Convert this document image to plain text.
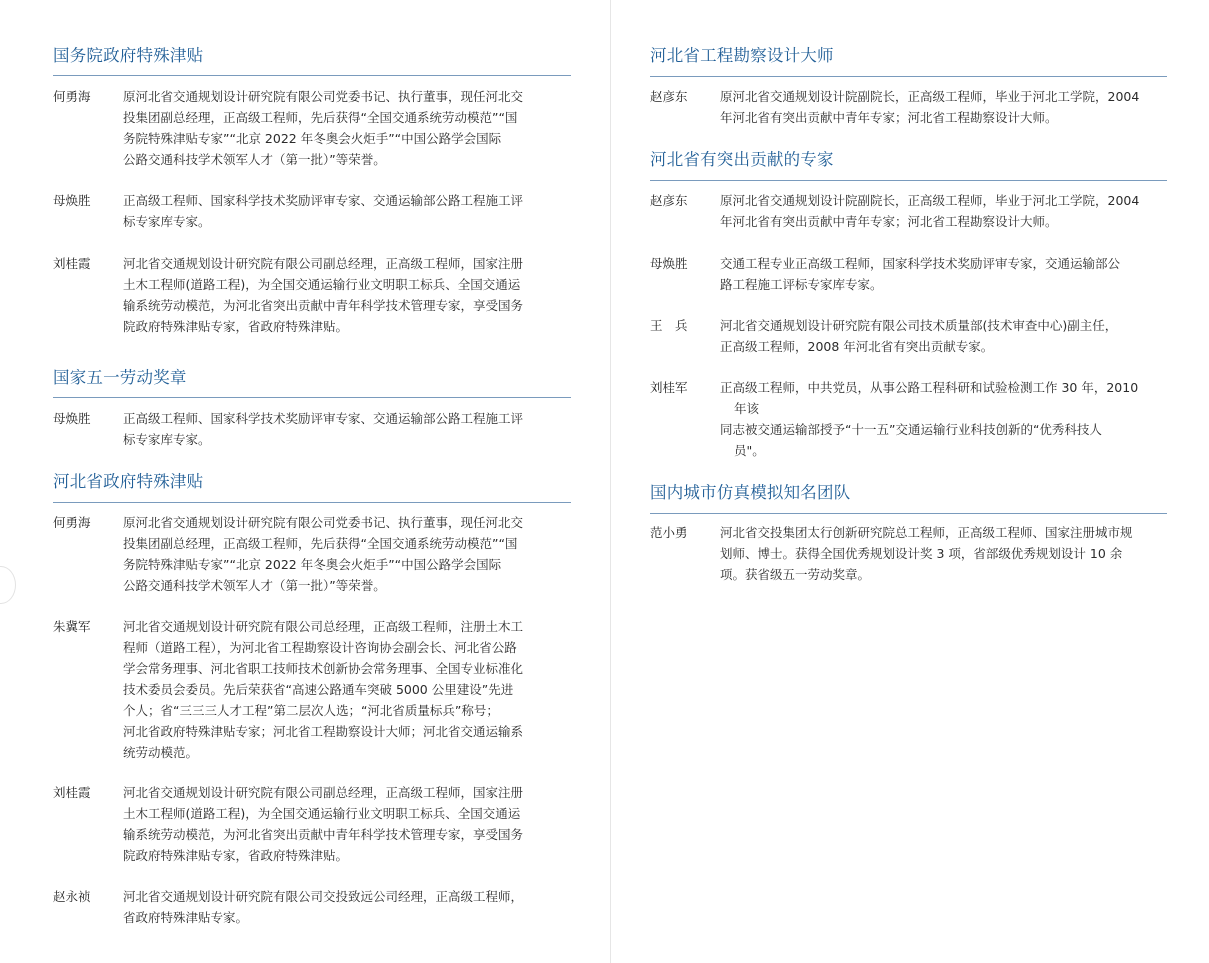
国务院政府特殊津贴
何勇海	原河北省交通规划设计研究院有限公司党委书记、执行董事，现任河北交
投集团副总经理，正高级工程师，先后获得“全国交通系统劳动模范”“国
务院特殊津贴专家”“北京 2022 年冬奥会火炬手”“中国公路学会国际
公路交通科技学术领军人才（第一批）”等荣誉。
母焕胜	正高级工程师、国家科学技术奖励评审专家、交通运输部公路工程施工评
标专家库专家。
刘桂霞	河北省交通规划设计研究院有限公司副总经理，正高级工程师，国家注册
土木工程师(道路工程)，为全国交通运输行业文明职工标兵、全国交通运
输系统劳动模范，为河北省突出贡献中青年科学技术管理专家，享受国务
院政府特殊津贴专家，省政府特殊津贴。
国家五一劳动奖章
母焕胜	正高级工程师、国家科学技术奖励评审专家、交通运输部公路工程施工评
标专家库专家。
河北省政府特殊津贴
何勇海	原河北省交通规划设计研究院有限公司党委书记、执行董事，现任河北交
投集团副总经理，正高级工程师，先后获得“全国交通系统劳动模范”“国
务院特殊津贴专家”“北京 2022 年冬奥会火炬手”“中国公路学会国际
公路交通科技学术领军人才（第一批）”等荣誉。
朱冀军	河北省交通规划设计研究院有限公司总经理，正高级工程师，注册土木工
程师（道路工程），为河北省工程勘察设计咨询协会副会长、河北省公路
学会常务理事、河北省职工技师技术创新协会常务理事、全国专业标准化
技术委员会委员。先后荣获省“高速公路通车突破 5000 公里建设”先进
个人；省“三三三人才工程”第二层次人选；“河北省质量标兵”称号；
河北省政府特殊津贴专家；河北省工程勘察设计大师；河北省交通运输系
统劳动模范。
刘桂霞	河北省交通规划设计研究院有限公司副总经理，正高级工程师，国家注册
土木工程师(道路工程)，为全国交通运输行业文明职工标兵、全国交通运
输系统劳动模范，为河北省突出贡献中青年科学技术管理专家，享受国务
院政府特殊津贴专家，省政府特殊津贴。
赵永祯	河北省交通规划设计研究院有限公司交投致远公司经理，正高级工程师，
省政府特殊津贴专家。
河北省工程勘察设计大师
赵彦东	原河北省交通规划设计院副院长，正高级工程师，毕业于河北工学院，2004
年河北省有突出贡献中青年专家；河北省工程勘察设计大师。
河北省有突出贡献的专家
赵彦东	原河北省交通规划设计院副院长，正高级工程师，毕业于河北工学院，2004
年河北省有突出贡献中青年专家；河北省工程勘察设计大师。
母焕胜	交通工程专业正高级工程师，国家科学技术奖励评审专家，交通运输部公
路工程施工评标专家库专家。
王　兵	河北省交通规划设计研究院有限公司技术质量部(技术审查中心)副主任，
正高级工程师，2008 年河北省有突出贡献专家。
刘桂军	正高级工程师，中共党员，从事公路工程科研和试验检测工作 30 年，2010
年该
同志被交通运输部授予“十一五”交通运输行业科技创新的“优秀科技人
员"。
国内城市仿真模拟知名团队
范小勇	河北省交投集团太行创新研究院总工程师，正高级工程师、国家注册城市规
划师、博士。获得全国优秀规划设计奖 3 项，省部级优秀规划设计 10 余
项。获省级五一劳动奖章。
